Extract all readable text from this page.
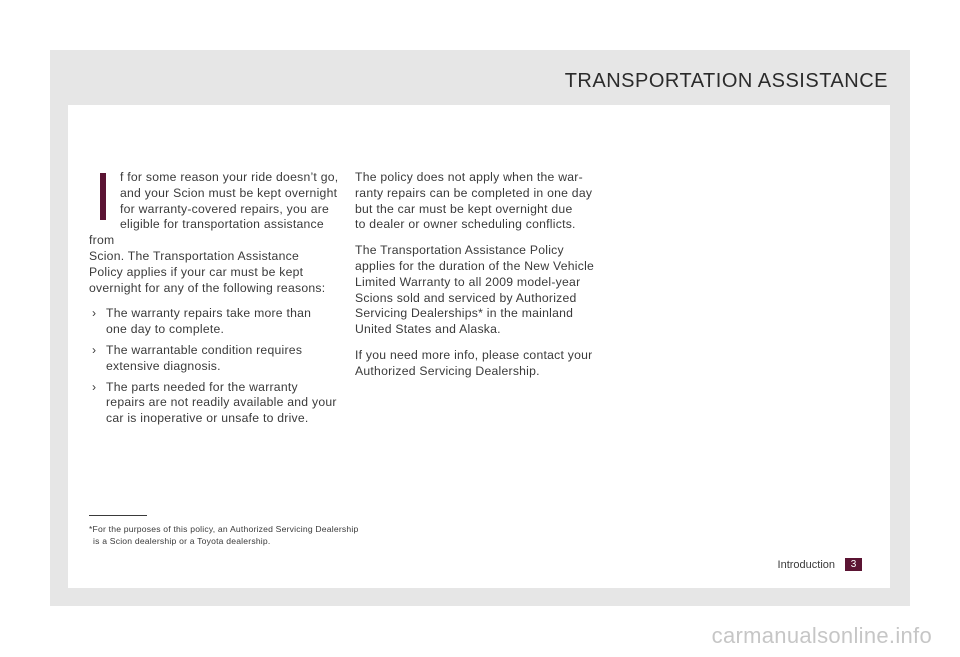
TRANSPORTATION ASSISTANCE

f for some reason your ride doesn’t go,
and your Scion must be kept overnight
for warranty-covered repairs, you are
eligible for transportation assistance from
Scion. The Transportation Assistance
Policy applies if your car must be kept
overnight for any of the following reasons:

› The warranty repairs take more than
one day to complete.
› The warrantable condition requires
extensive diagnosis.
› The parts needed for the warranty
repairs are not readily available and your
car is inoperative or unsafe to drive.

The policy does not apply when the war-
ranty repairs can be completed in one day
but the car must be kept overnight due
to dealer or owner scheduling conflicts.

The Transportation Assistance Policy
applies for the duration of the New Vehicle
Limited Warranty to all 2009 model-year
Scions sold and serviced by Authorized
Servicing Dealerships* in the mainland
United States and Alaska.

If you need more info, please contact your
Authorized Servicing Dealership.

*For the purposes of this policy, an Authorized Servicing Dealership
is a Scion dealership or a Toyota dealership.
Introduction	3
carmanualsonline.info
